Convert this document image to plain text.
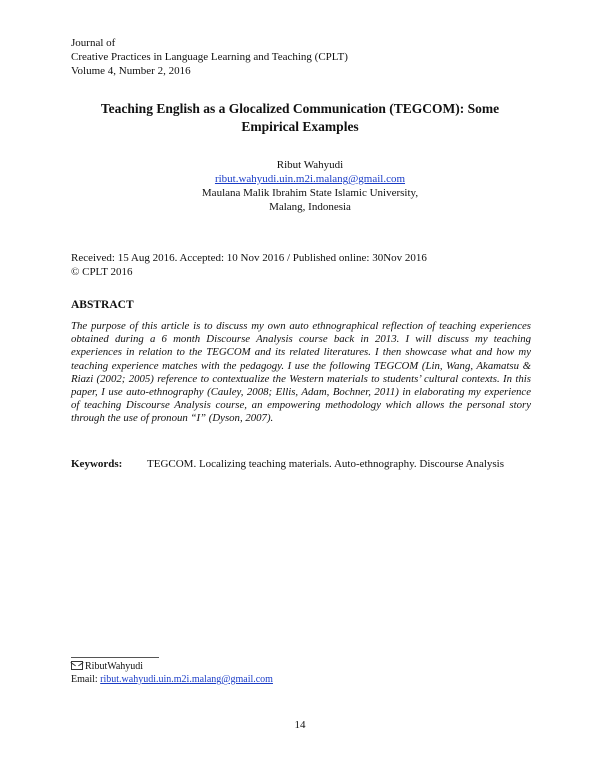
Journal of
Creative Practices in Language Learning and Teaching (CPLT)
Volume 4, Number 2, 2016
Teaching English as a Glocalized Communication (TEGCOM): Some
Empirical Examples
Ribut Wahyudi
ribut.wahyudi.uin.m2i.malang@gmail.com
Maulana Malik Ibrahim State Islamic University,
Malang, Indonesia
Received: 15 Aug 2016. Accepted: 10 Nov 2016 / Published online: 30Nov 2016
© CPLT 2016
ABSTRACT
The purpose of this article is to discuss my own auto ethnographical reflection of teaching experiences obtained during a 6 month Discourse Analysis course back in 2013. I will discuss my teaching experiences in relation to the TEGCOM and its related literatures. I then showcase what and how my teaching experience matches with the pedagogy. I use the following TEGCOM (Lin, Wang, Akamatsu & Riazi (2002; 2005) reference to contextualize the Western materials to students’ cultural contexts. In this paper, I use auto-ethnography (Cauley, 2008; Ellis, Adam, Bochner, 2011) in elaborating my experience of teaching Discourse Analysis course, an empowering methodology which allows the personal story through the use of pronoun “I” (Dyson, 2007).
Keywords: TEGCOM. Localizing teaching materials. Auto-ethnography. Discourse Analysis
RibutWahyudi
Email: ribut.wahyudi.uin.m2i.malang@gmail.com
14
